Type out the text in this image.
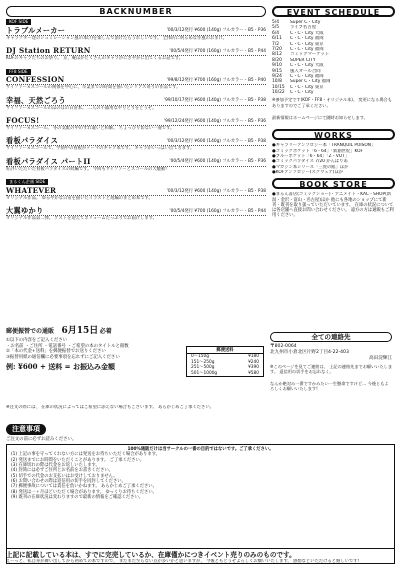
BACKNUMBER
KOF SIDE
トラブルメーカー	'00/3/12発行 ¥600 (140g) フルカラー・B5・P36
キャラクター達のシュミレーション風の本(?)を楽しんで頂けたらうれしいです。 全体的に明るめな作風のおまけ。
DJ Station RETURN	'00/5/4発行 ¥700 (160g) フルカラー・B5・P44
KOFのキャラたちのお祭り。 京、庵ほかたくさんのキャラがにぎやかに出てくるお話です。
FF8 SIDE
CONFESSION	'99/8/12発行 ¥700 (160g) フルカラー・B5・P40
サイファー×スコールの関係を中心に、卒業までの時間を描いたシリアス寄りの作品です。
幸福、天然ごろう	'99/10/17発行 ¥600 (140g) フルカラー・B5・P38
サイファー×スコールのほのぼの日常本。 二人の不器用なやりとりをどうぞ。
FOCUS!	'99/12/24発行 ¥600 (140g) フルカラー・B5・P36
サイファー×スコール。 冬の気配の中のすれ違いと和解。 ちょっぴり切ない一冊です。
看板パラダイス	'00/3/12発行 ¥600 (140g) フルカラー・B5・P38
サイファー×スコールで、学園中の看板がテーマのギャグ本です。 キャラがいっぱい出てきます。
看板パラダイス パートII	'00/5/4発行 ¥600 (140g) フルカラー・B5・P36
好評いただいた看板パラダイスの続編です。 今回もサイファーとスコールの大騒動!
まるくん企画 SIDE
WHATEVER	'00/3/12発行 ¥600 (140g) フルカラー・B5・P38
オリジナル作品。 ゆるやかな日常を描いたイラストと短編のまとめ本です。
大翼ゆかり	'00/5/4発行 ¥700 (160g) フルカラー・B5・P44
オリジナル作品第二弾。 ゲストを迎えてボリュームたっぷりでお届けします。
EVENT SCHEDULE
5/4	Super C・City
5/5	ライブ名古屋
6/4	C・C・City 大阪
6/11	C・C・City 福岡
7/2	C・C・City 東京
7/20	C・C・City 福岡
8/12	コミックマーケット
8/20	SUPER CITY
9/10	C・C・City 大阪
9/15	風人オール合同
9/24	C・C・City 福岡
10/8	Super C・City 福岡
10/15	C・C・City 東京
10/22	C・C・City
※参加予定です(KOF・FF8・オリジナル本)。 変更になる場合もありますのでご了承ください。
最新情報はホームページにて随時お知らせします。
WORKS
●ギャラリーアンソロジー本「TRANQUIL POISON」
●コミックポケット「6・64」「新創世紀」KOF
●ブルーポケット「6・64」「Z・VOT」
●コミックパラダイス 7/20 かんぱりあ
●マガジン本シリーズ「三虎の館」ほか
●KOFアンソロジー(スクウェア)ほか
BOOK STORE
●まるん書店(コミックショー)・アニメイト・KAC・SHOP(新潟・金沢・富山・名古屋)ほか 他にも各地のショップにて新刊・既刊を取り扱っていただいています。 在庫の状況については各店舗へ直接お問い合わせください。 遠方の方は通販もご利用ください。
郵便振替での通販 6月15日 必着
①以下の内容をご記入ください
・お名前 ・ご住所 ・電話番号 ・ご希望の本のタイトルと冊数
②「本の代金+送料」を郵便振替でお送りください
③振替用紙の通信欄に必要事項を忘れずにご記入ください
例: ¥600 + 送料 = お振込み金額
郵便送料
0〜150g	¥180
151〜250g	¥240
251〜500g	¥390
501〜1000g	¥580
※注文の際には、 在庫の状況によってはご希望に添えない場合もございます。 あらかじめご了承ください。
全ての連絡先
〒802-0064
北九州市小倉北区片野2丁目4-22-403
高田淀輝江
※このページを見てご連絡は、 上記の連絡先までお願いいたします。 返信用の切手をお忘れなく。
なんか絶対み一番ですかみたい一生懸命ですけど… 今後ともよろしくお願いいたします!
注意事項
ご注文の前に必ずお読みください。
100%通販だけは当サークルの一番の目的ではないです。ご了承ください。
(1) 上記の事を守ってくれない方には発送をお待ちいただく場合があります。
(2) 発送までにお時間をいただくことがあります。 ご了承ください。
(3) 在庫切れの際は代金をお返しいたします。
(4) 封筒には必ずご住所とお名前をお書きください。
(5) 切手での代金のお支払いはお受けしておりません。
(6) お問い合わせの際は返信用の切手を同封してください。
(7) 郵便事故については責任を負いかねます。 あらかじめご了承ください。
(8) 発送は一ヶ月ほどいただく場合があります。 ゆっくりお待ちください。
(9) 既刊の在庫状況は変わりますので最新の情報をご確認ください。
上記に記載している本は、すでに完売しているか、在庫僅かにつきイベント売りのみのものです。
えーっと、私自身が舞い出してから初めての本ですので、 まだまだ至らない点が多いかと思いますが、 今後ともどうぞよろしくお願いいたします。 感想などいただけると嬉しいです!
